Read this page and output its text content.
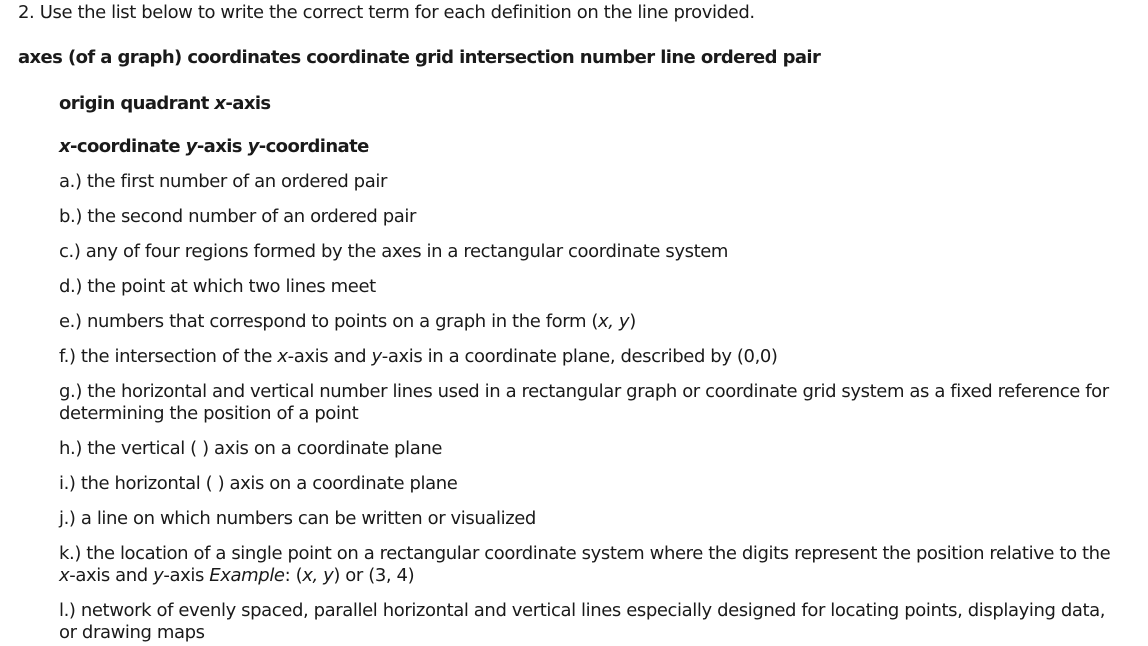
2. Use the list below to write the correct term for each definition on the line provided.
axes (of a graph) coordinates coordinate grid intersection number line ordered pair
origin quadrant x-axis
x-coordinate y-axis y-coordinate
a.) the first number of an ordered pair
b.) the second number of an ordered pair
c.) any of four regions formed by the axes in a rectangular coordinate system
d.) the point at which two lines meet
e.) numbers that correspond to points on a graph in the form (x, y)
f.) the intersection of the x-axis and y-axis in a coordinate plane, described by (0,0)
g.) the horizontal and vertical number lines used in a rectangular graph or coordinate grid system as a fixed reference for determining the position of a point
h.) the vertical ( ) axis on a coordinate plane
i.) the horizontal ( ) axis on a coordinate plane
j.) a line on which numbers can be written or visualized
k.) the location of a single point on a rectangular coordinate system where the digits represent the position relative to the x-axis and y-axis Example: (x, y) or (3, 4)
l.) network of evenly spaced, parallel horizontal and vertical lines especially designed for locating points, displaying data, or drawing maps
